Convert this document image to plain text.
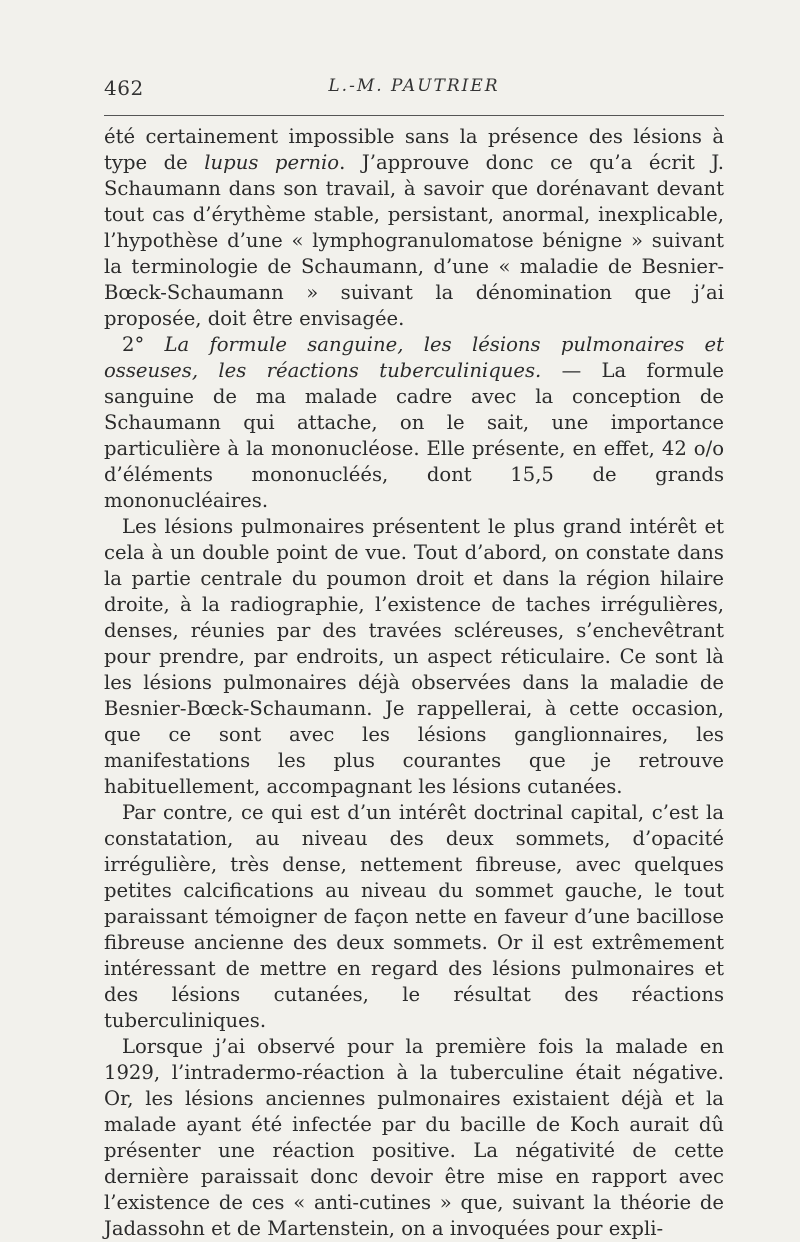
462	L.-M. PAUTRIER

été certainement impossible sans la présence des lésions à type de lupus pernio. J’approuve donc ce qu’a écrit J. Schaumann dans son travail, à savoir que dorénavant devant tout cas d’érythème stable, persistant, anormal, inexplicable, l’hypothèse d’une « lymphogranulomatose bénigne » suivant la terminologie de Schaumann, d’une « maladie de Besnier-Bœck-Schaumann » suivant la dénomination que j’ai proposée, doit être envisagée.

2° La formule sanguine, les lésions pulmonaires et osseuses, les réactions tuberculiniques. — La formule sanguine de ma malade cadre avec la conception de Schaumann qui attache, on le sait, une importance particulière à la mononucléose. Elle présente, en effet, 42 o/o d’éléments mononucléés, dont 15,5 de grands mononucléaires.

Les lésions pulmonaires présentent le plus grand intérêt et cela à un double point de vue. Tout d’abord, on constate dans la partie centrale du poumon droit et dans la région hilaire droite, à la radiographie, l’existence de taches irrégulières, denses, réunies par des travées scléreuses, s’enchevêtrant pour prendre, par endroits, un aspect réticulaire. Ce sont là les lésions pulmonaires déjà observées dans la maladie de Besnier-Bœck-Schaumann. Je rappellerai, à cette occasion, que ce sont avec les lésions ganglionnaires, les manifestations les plus courantes que je retrouve habituellement, accompagnant les lésions cutanées.

Par contre, ce qui est d’un intérêt doctrinal capital, c’est la constatation, au niveau des deux sommets, d’opacité irrégulière, très dense, nettement fibreuse, avec quelques petites calcifications au niveau du sommet gauche, le tout paraissant témoigner de façon nette en faveur d’une bacillose fibreuse ancienne des deux sommets. Or il est extrêmement intéressant de mettre en regard des lésions pulmonaires et des lésions cutanées, le résultat des réactions tuberculiniques.

Lorsque j’ai observé pour la première fois la malade en 1929, l’intradermo-réaction à la tuberculine était négative. Or, les lésions anciennes pulmonaires existaient déjà et la malade ayant été infectée par du bacille de Koch aurait dû présenter une réaction positive. La négativité de cette dernière paraissait donc devoir être mise en rapport avec l’existence de ces « anti-cutines » que, suivant la théorie de Jadassohn et de Martenstein, on a invoquées pour expli-
